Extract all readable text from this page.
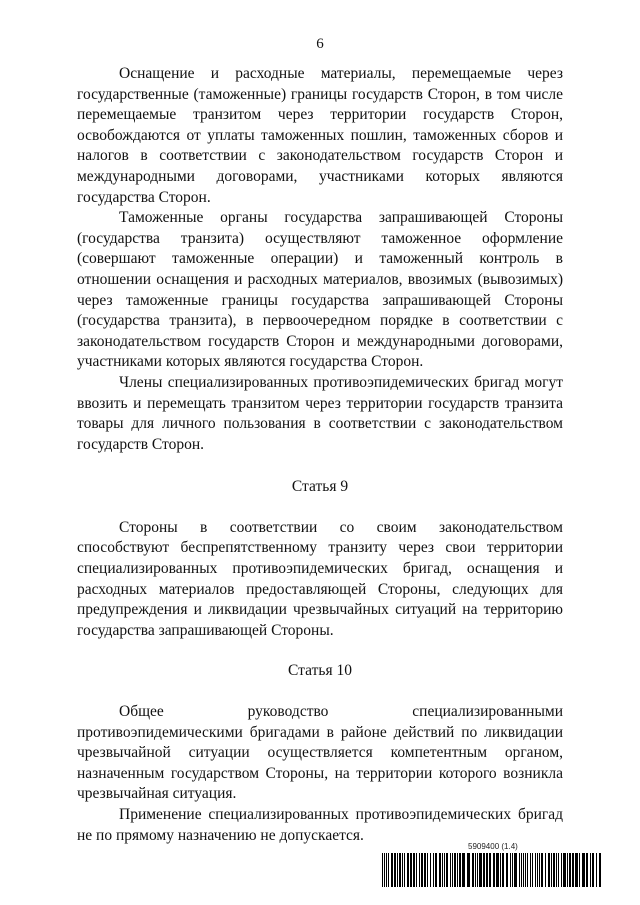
6

Оснащение и расходные материалы, перемещаемые через государственные (таможенные) границы государств Сторон, в том числе перемещаемые транзитом через территории государств Сторон, освобождаются от уплаты таможенных пошлин, таможенных сборов и налогов в соответствии с законодательством государств Сторон и международными договорами, участниками которых являются государства Сторон.

Таможенные органы государства запрашивающей Стороны (государства транзита) осуществляют таможенное оформление (совершают таможенные операции) и таможенный контроль в отношении оснащения и расходных материалов, ввозимых (вывозимых) через таможенные границы государства запрашивающей Стороны (государства транзита), в первоочередном порядке в соответствии с законодательством государств Сторон и международными договорами, участниками которых являются государства Сторон.

Члены специализированных противоэпидемических бригад могут ввозить и перемещать транзитом через территории государств транзита товары для личного пользования в соответствии с законодательством государств Сторон.

Статья 9

Стороны в соответствии со своим законодательством способствуют беспрепятственному транзиту через свои территории специализированных противоэпидемических бригад, оснащения и расходных материалов предоставляющей Стороны, следующих для предупреждения и ликвидации чрезвычайных ситуаций на территорию государства запрашивающей Стороны.

Статья 10

Общее руководство специализированными противоэпидемическими бригадами в районе действий по ликвидации чрезвычайной ситуации осуществляется компетентным органом, назначенным государством Стороны, на территории которого возникла чрезвычайная ситуация.

Применение специализированных противоэпидемических бригад не по прямому назначению не допускается.

5909400 (1.4)
